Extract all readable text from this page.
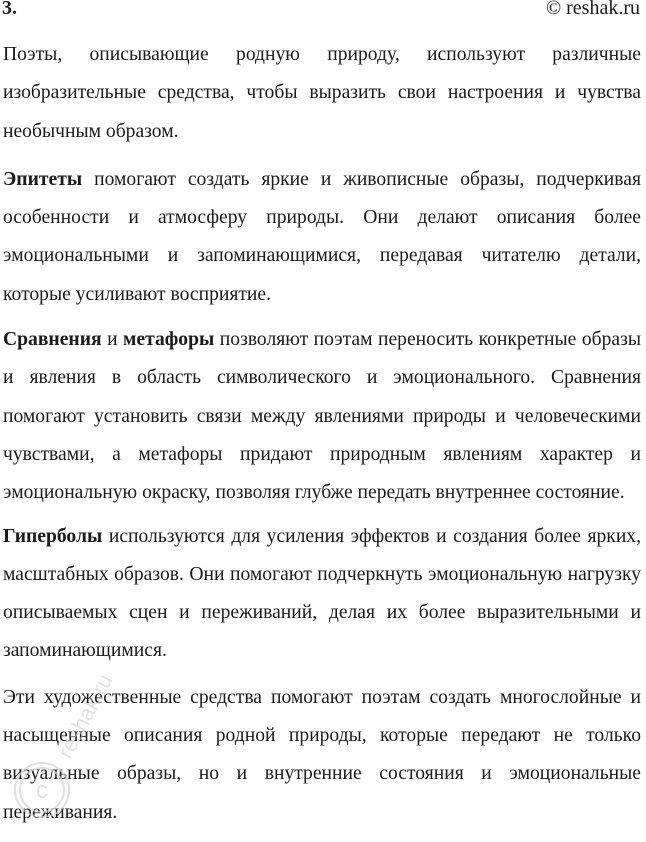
3.	© reshak.ru

Поэты, описывающие родную природу, используют различные изобразительные средства, чтобы выразить свои настроения и чувства необычным образом.

Эпитеты помогают создать яркие и живописные образы, подчеркивая особенности и атмосферу природы. Они делают описания более эмоциональными и запоминающимися, передавая читателю детали, которые усиливают восприятие.

Сравнения и метафоры позволяют поэтам переносить конкретные образы и явления в область символического и эмоционального. Сравнения помогают установить связи между явлениями природы и человеческими чувствами, а метафоры придают природным явлениям характер и эмоциональную окраску, позволяя глубже передать внутреннее состояние.

Гиперболы используются для усиления эффектов и создания более ярких, масштабных образов. Они помогают подчеркнуть эмоциональную нагрузку описываемых сцен и переживаний, делая их более выразительными и запоминающимися.

Эти художественные средства помогают поэтам создать многослойные и насыщенные описания родной природы, которые передают не только визуальные образы, но и внутренние состояния и эмоциональные переживания.

c
reshak.ru
